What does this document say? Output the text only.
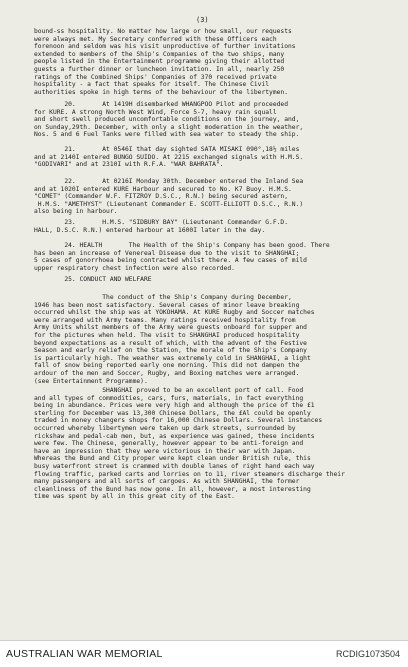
(3)
bound-ss hospitality. No matter how large or how small, our requests
were always met. My Secretary conferred with these Officers each
forenoon and seldom was his visit unproductive of further invitations
extended to members of the Ship's Companies of the two ships, many
people listed in the Entertainment programme giving their allotted
guests a further dinner or luncheon invitation. In all, nearly 250
ratings of the Combined Ships' Companies of 370 received private
hospitality - a fact that speaks for itself. The Chinese Civil
authorities spoke in high terms of the behaviour of the libertymen.
20.       At 1419H disembarked WHANGPOO Pilot and proceeded
for KURE. A strong North West Wind, Force 5-7, heavy rain squall
and short swell produced uncomfortable conditions on the journey, and,
on Sunday,29th. December, with only a slight moderation in the weather,
Nos. 5 and 6 Fuel Tanks were filled with sea water to steady the ship.
21.       At 0546I that day sighted SATA MISAKI 090°,18½ miles
and at 2140I entered BUNGO SUIDO. At 2215 exchanged signals with H.M.S.
"GODIVARI" and at 2310I with R.F.A. "WAR BAHRATA".
22.       At 0216I Monday 30th. December entered the Inland Sea
and at 1020I entered KURE Harbour and secured to No. K7 Buoy. H.M.S.
"COMET" (Commander W.F. FITZROY D.S.C., R.N.) being secured astern,
H.M.S. "AMETHYST" (Lieutenant Commander E. SCOTT-ELLIOTT D.S.C., R.N.)
also being in harbour.
23.       H.M.S. "SIDBURY BAY" (Lieutenant Commander G.F.D.
HALL, D.S.C. R.N.) entered harbour at 1600I later in the day.
24. HEALTH       The Health of the Ship's Company has been good. There
has been an increase of Venereal Disease due to the visit to SHANGHAI;
5 cases of gonorrhoea being contracted whilst there. A few cases of mild
upper respiratory chest infection were also recorded.
25. CONDUCT AND WELFARE
The conduct of the Ship's Company during December,
1946 has been most satisfactory. Several cases of minor leave breaking
occurred whilst the ship was at YOKOHAMA. At KURE Rugby and Soccer matches
were arranged with Army teams. Many ratings received hospitality from
Army Units whilst members of the Army were guests onboard for supper and
for the pictures when held. The visit to SHANGHAI produced hospitality
beyond expectations as a result of which, with the advent of the Festive
Season and early relief on the Station, the morale of the Ship's Company
is particularly high. The weather was extremely cold in SHANGHAI, a light
fall of snow being reported early one morning. This did not dampen the
ardour of the men and Soccer, Rugby, and Boxing matches were arranged.
(see Entertainment Programme).
SHANGHAI proved to be an excellent port of call. Food
and all types of commodities, cars, furs, materials, in fact everything
being in abundance. Prices were very high and although the price of the £1
sterling for December was 13,300 Chinese Dollars, the £Al could be openly
traded in money changers shops for 16,000 Chinese Dollars. Several instances
occurred whereby libertymen were taken up dark streets, surrounded by
rickshaw and pedal-cab men, but, as experience was gained, these incidents
were few. The Chinese, generally, however appear to be anti-foreign and
have an impression that they were victorious in their war with Japan.
Whereas the Bund and City proper were kept clean under British rule, this
busy waterfront street is crammed with double lanes of right hand each way
flowing traffic, parked carts and lorries on to 11, river steamers discharge their
many passengers and all sorts of cargoes. As with SHANGHAI, the former
cleanliness of the Bund has now gone. In all, however, a most interesting
time was spent by all in this great city of the East.
AUSTRALIAN WAR MEMORIAL	RCDIG1073504
